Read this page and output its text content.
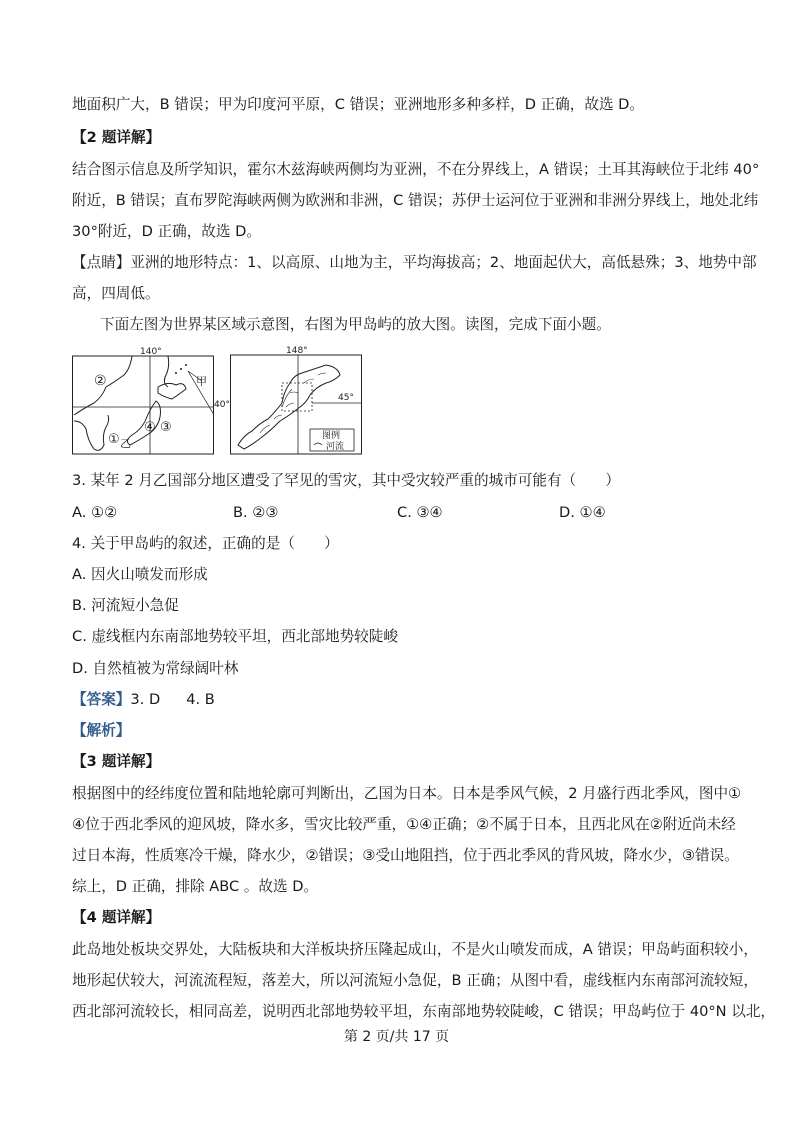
地面积广大，B 错误；甲为印度河平原，C 错误；亚洲地形多种多样，D 正确，故选 D。
【2 题详解】
结合图示信息及所学知识，霍尔木兹海峡两侧均为亚洲，不在分界线上，A 错误；土耳其海峡位于北纬 40°
附近，B 错误；直布罗陀海峡两侧为欧洲和非洲，C 错误；苏伊士运河位于亚洲和非洲分界线上，地处北纬
30°附近，D 正确，故选 D。
【点睛】亚洲的地形特点：1、以高原、山地为主，平均海拔高；2、地面起伏大，高低悬殊；3、地势中部
高，四周低。
下面左图为世界某区域示意图，右图为甲岛屿的放大图。读图，完成下面小题。
140°
②	甲
④ ③
① 乙
40°
148°
45°
图例
河流
3. 某年 2 月乙国部分地区遭受了罕见的雪灾，其中受灾较严重的城市可能有（　　）
A. ①②	B. ②③	C. ③④	D. ①④
4. 关于甲岛屿的叙述，正确的是（　　）
A. 因火山喷发而形成
B. 河流短小急促
C. 虚线框内东南部地势较平坦，西北部地势较陡峻
D. 自然植被为常绿阔叶林
【答案】3. D 4. B
【解析】
【3 题详解】
根据图中的经纬度位置和陆地轮廓可判断出，乙国为日本。日本是季风气候，2 月盛行西北季风，图中①
④位于西北季风的迎风坡，降水多，雪灾比较严重，①④正确；②不属于日本，且西北风在②附近尚未经
过日本海，性质寒冷干燥，降水少，②错误；③受山地阻挡，位于西北季风的背风坡，降水少，③错误。
综上，D 正确，排除 ABC 。故选 D。
【4 题详解】
此岛地处板块交界处，大陆板块和大洋板块挤压隆起成山，不是火山喷发而成，A 错误；甲岛屿面积较小，
地形起伏较大，河流流程短，落差大，所以河流短小急促，B 正确；从图中看，虚线框内东南部河流较短，
西北部河流较长，相同高差，说明西北部地势较平坦，东南部地势较陡峻，C 错误；甲岛屿位于 40°N 以北，
第 2 页/共 17 页
